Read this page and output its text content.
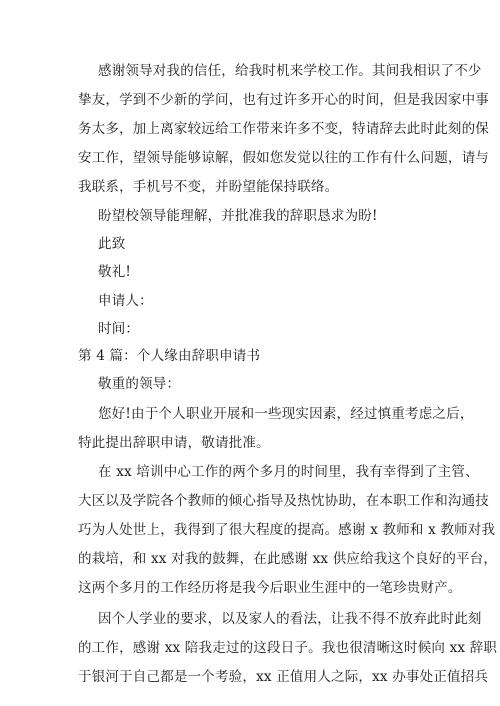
感谢领导对我的信任，给我时机来学校工作。其间我相识了不少
挚友，学到不少新的学问，也有过许多开心的时间，但是我因家中事
务太多，加上离家较远给工作带来许多不变，特请辞去此时此刻的保
安工作，望领导能够谅解，假如您发觉以往的工作有什么问题，请与
我联系，手机号不变，并盼望能保持联络。
盼望校领导能理解，并批准我的辞职恳求为盼!
此致
敬礼!
申请人：
时间：
第 4 篇：个人缘由辞职申请书
敬重的领导：
您好!由于个人职业开展和一些现实因素，经过慎重考虑之后，
特此提出辞职申请，敬请批准。
在 xx 培训中心工作的两个多月的时间里，我有幸得到了主管、
大区以及学院各个教师的倾心指导及热忱协助，在本职工作和沟通技
巧为人处世上，我得到了很大程度的提高。感谢 x 教师和 x 教师对我
的栽培，和 xx 对我的鼓舞，在此感谢 xx 供应给我这个良好的平台，
这两个多月的工作经历将是我今后职业生涯中的一笔珍贵财产。
因个人学业的要求，以及家人的看法，让我不得不放弃此时此刻
的工作，感谢 xx 陪我走过的这段日子。我也很清晰这时候向 xx 辞职
于银河于自己都是一个考验，xx 正值用人之际，xx 办事处正值招兵
